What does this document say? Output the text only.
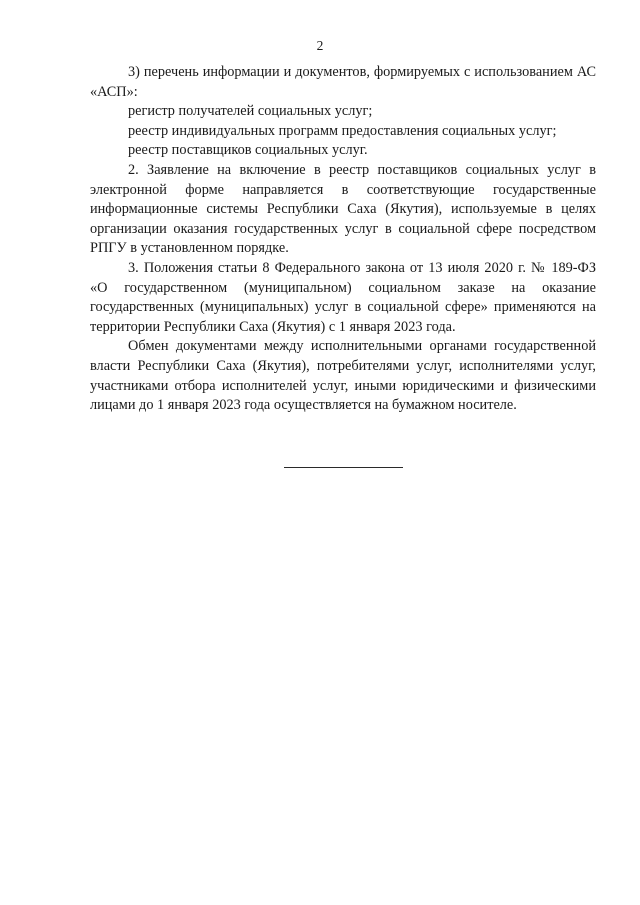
2

3) перечень информации и документов, формируемых с использованием АС «АСП»:

регистр получателей социальных услуг;

реестр индивидуальных программ предоставления социальных услуг;

реестр поставщиков социальных услуг.

2. Заявление на включение в реестр поставщиков социальных услуг в электронной форме направляется в соответствующие государственные информационные системы Республики Саха (Якутия), используемые в целях организации оказания государственных услуг в социальной сфере посредством РПГУ в установленном порядке.

3. Положения статьи 8 Федерального закона от 13 июля 2020 г. № 189-ФЗ «О государственном (муниципальном) социальном заказе на оказание государственных (муниципальных) услуг в социальной сфере» применяются на территории Республики Саха (Якутия) с 1 января 2023 года.

Обмен документами между исполнительными органами государственной власти Республики Саха (Якутия), потребителями услуг, исполнителями услуг, участниками отбора исполнителей услуг, иными юридическими и физическими лицами до 1 января 2023 года осуществляется на бумажном носителе.
